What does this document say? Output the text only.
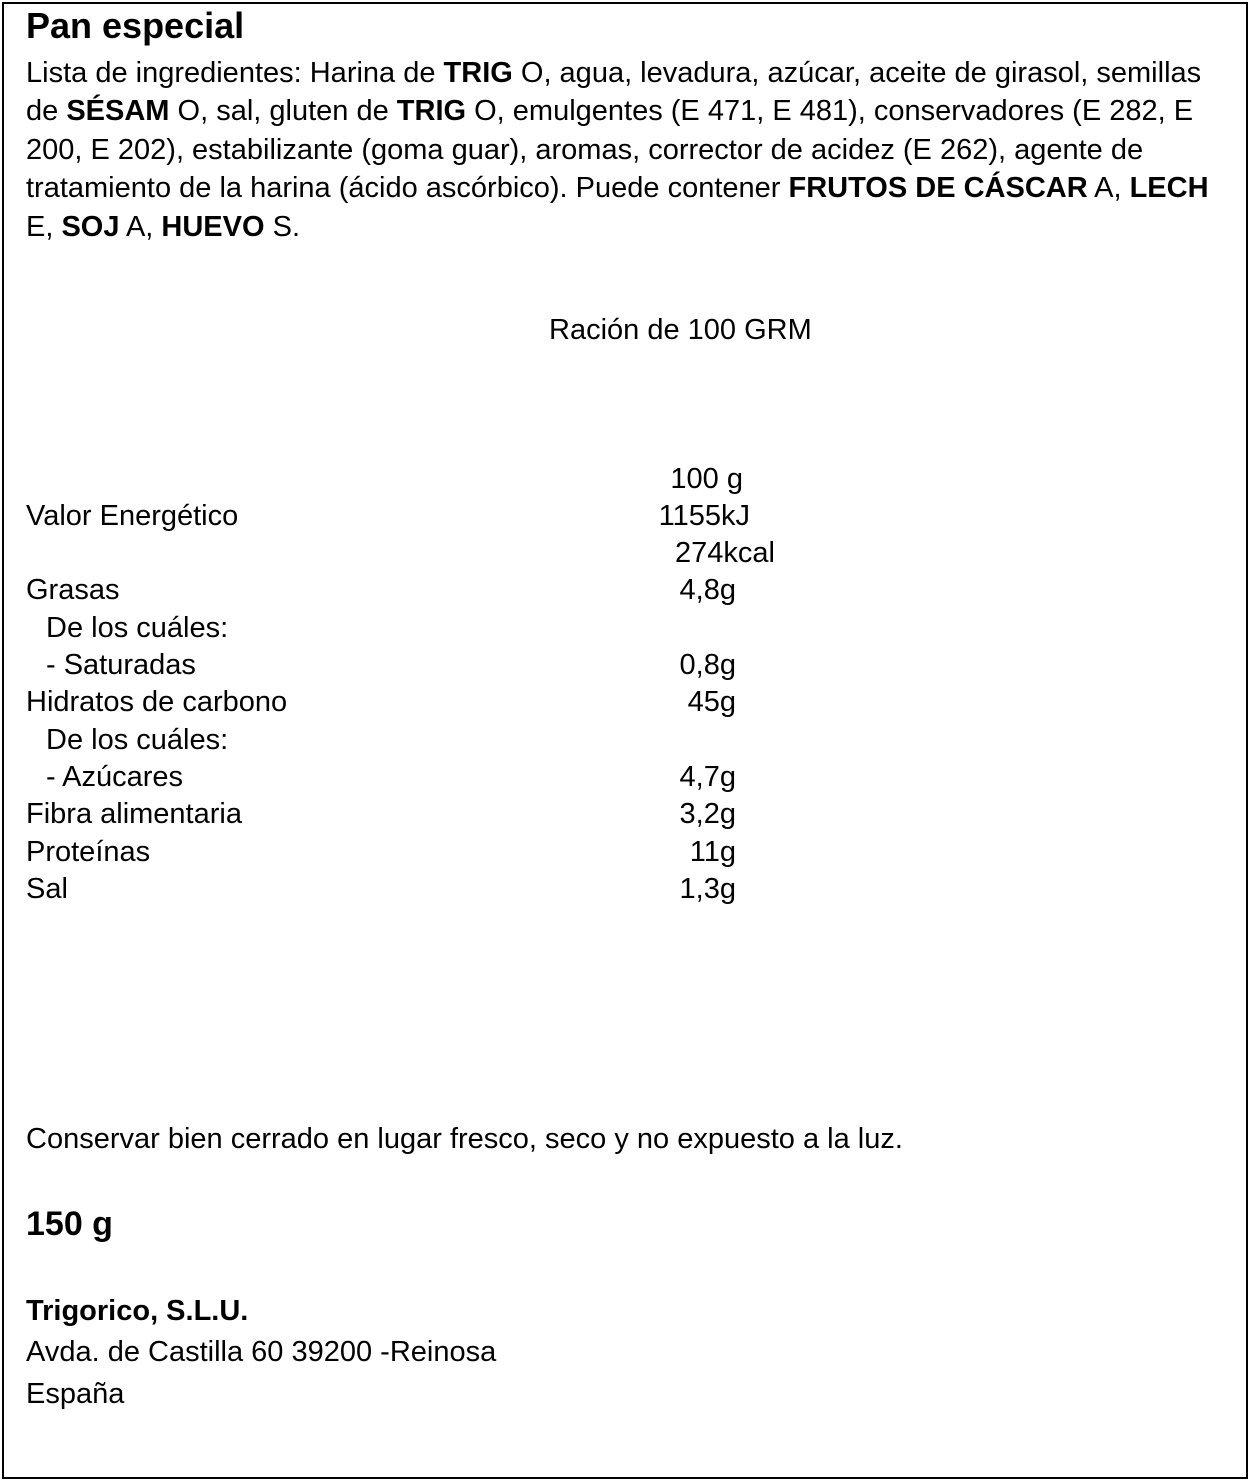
Pan especial
Lista de ingredientes: Harina de TRIG O, agua, levadura, azúcar, aceite de girasol, semillas de SÉSAM O, sal, gluten de TRIG O, emulgentes (E 471, E 481), conservadores (E 282, E 200, E 202), estabilizante (goma guar), aromas, corrector de acidez (E 262), agente de tratamiento de la harina (ácido ascórbico). Puede contener FRUTOS DE CÁSCAR A, LECH E, SOJ A, HUEVO S.
Ración de 100 GRM
100 g
Valor Energético	1155kJ
274kcal
Grasas	4,8g
De los cuáles:
- Saturadas	0,8g
Hidratos de carbono	45g
De los cuáles:
- Azúcares	4,7g
Fibra alimentaria	3,2g
Proteínas	11g
Sal	1,3g
Conservar bien cerrado en lugar fresco, seco y no expuesto a la luz.
150 g
Trigorico, S.L.U.
Avda. de Castilla 60 39200 -Reinosa
España
